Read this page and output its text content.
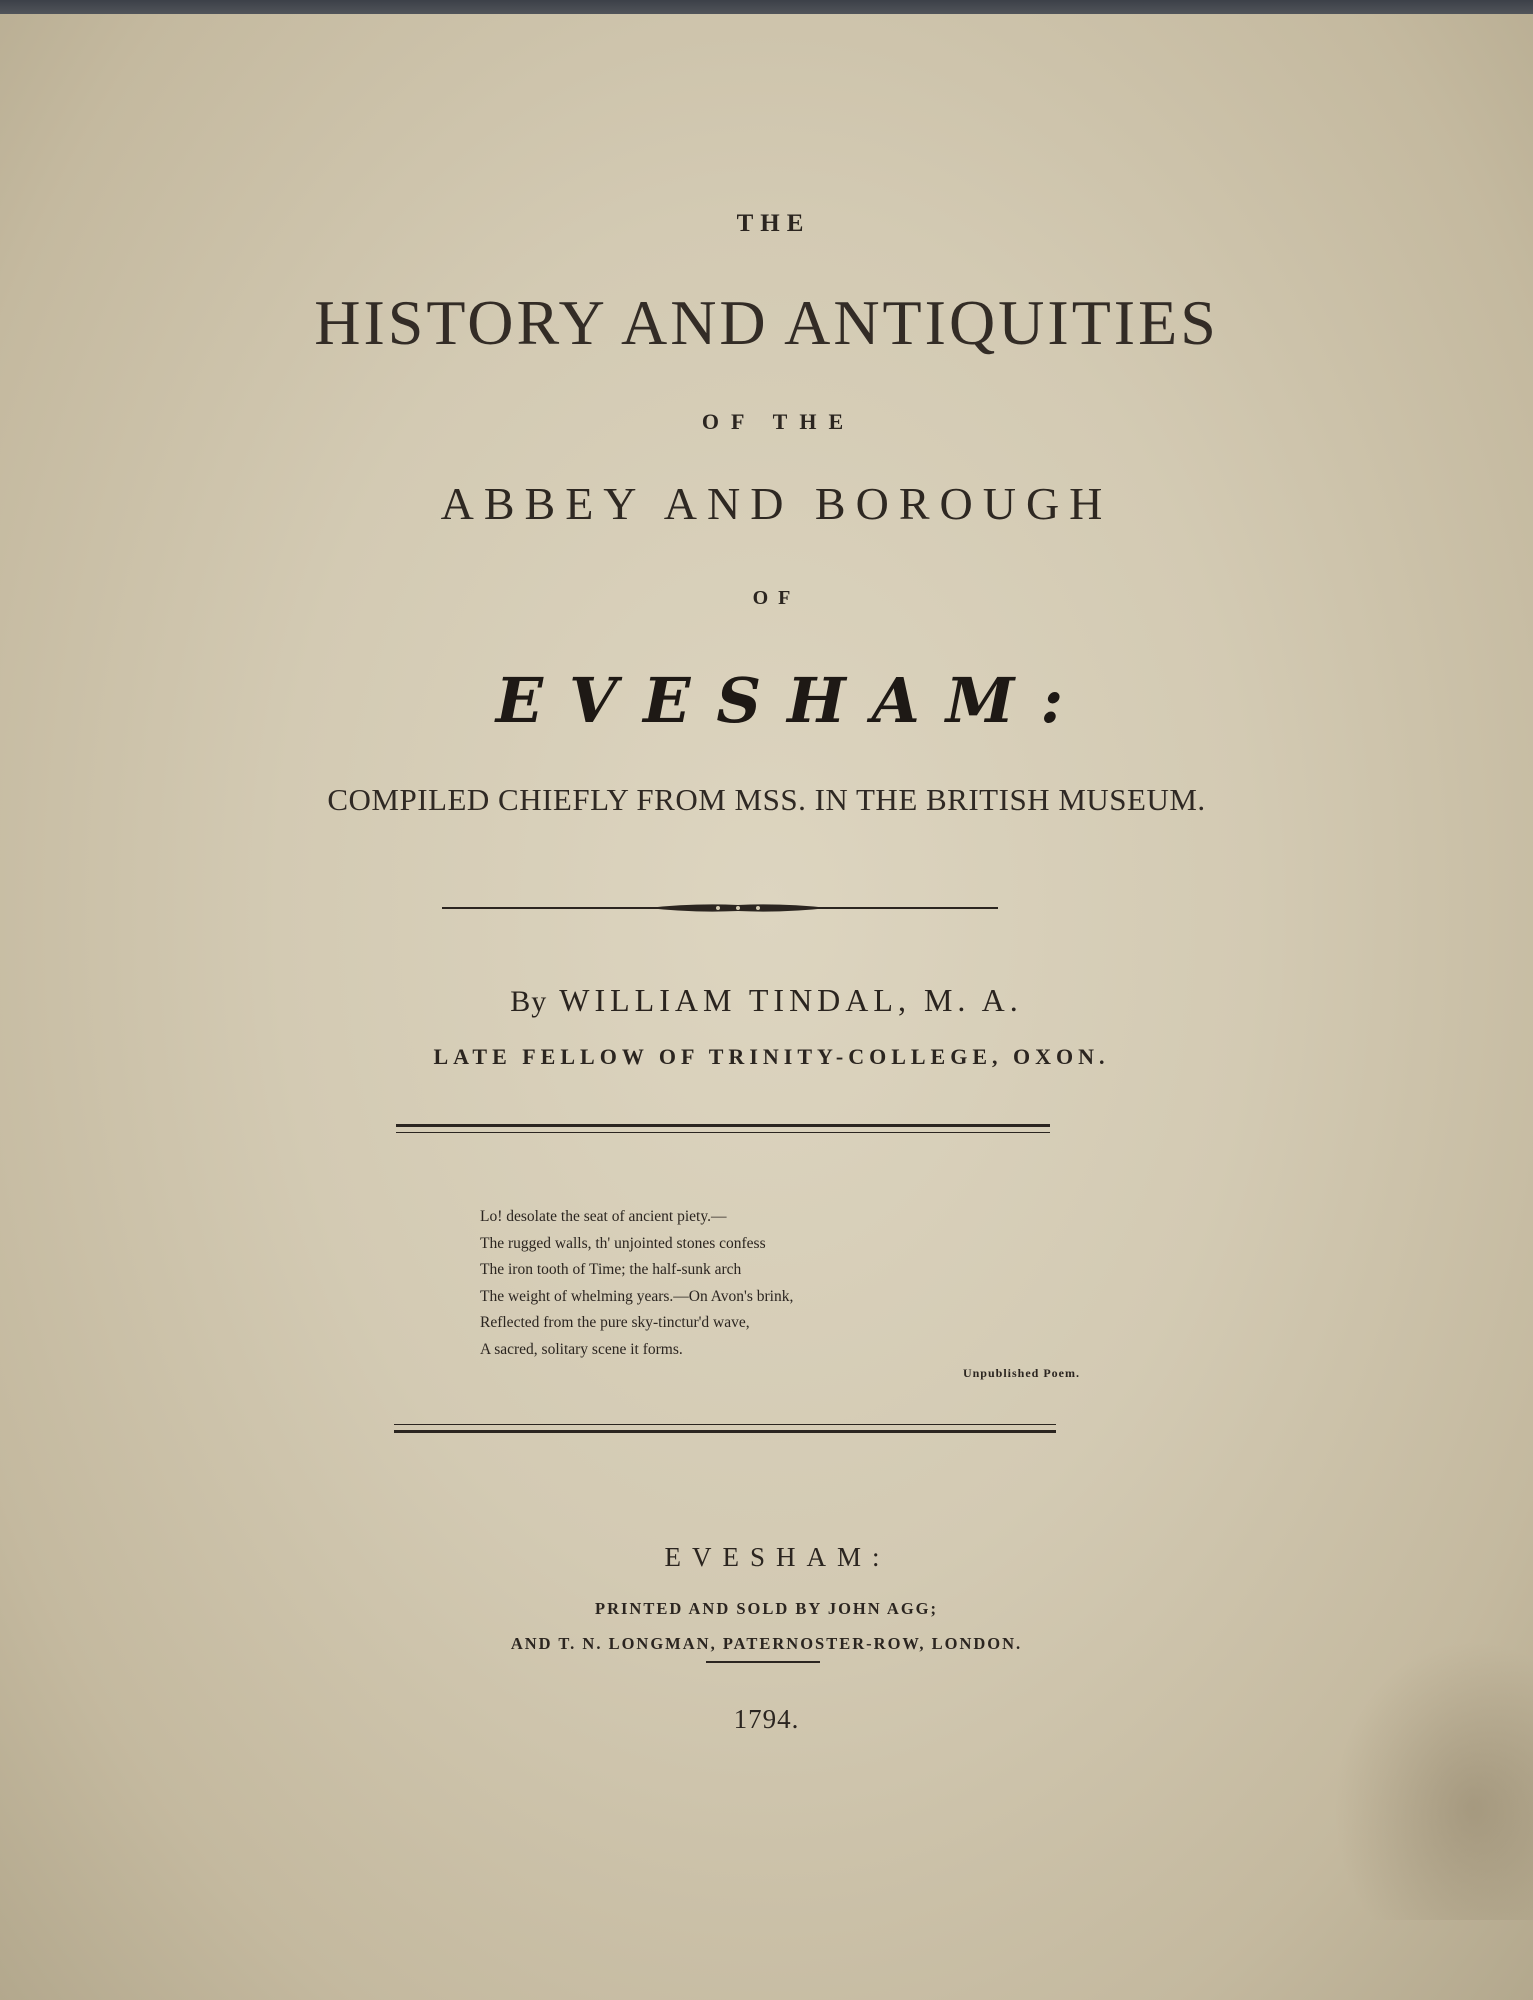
THE
HISTORY AND ANTIQUITIES
OF THE
ABBEY AND BOROUGH
OF
EVESHAM:
COMPILED CHIEFLY FROM MSS. IN THE BRITISH MUSEUM.
By WILLIAM TINDAL, M. A.
LATE FELLOW OF TRINITY-COLLEGE, OXON.
Lo! desolate the seat of ancient piety.—
The rugged walls, th' unjointed stones confess
The iron tooth of Time; the half-sunk arch
The weight of whelming years.—On Avon's brink,
Reflected from the pure sky-tinctur'd wave,
A sacred, solitary scene it forms.
Unpublished Poem.
EVESHAM:
PRINTED AND SOLD BY JOHN AGG;
AND T. N. LONGMAN, PATERNOSTER-ROW, LONDON.
1794.
